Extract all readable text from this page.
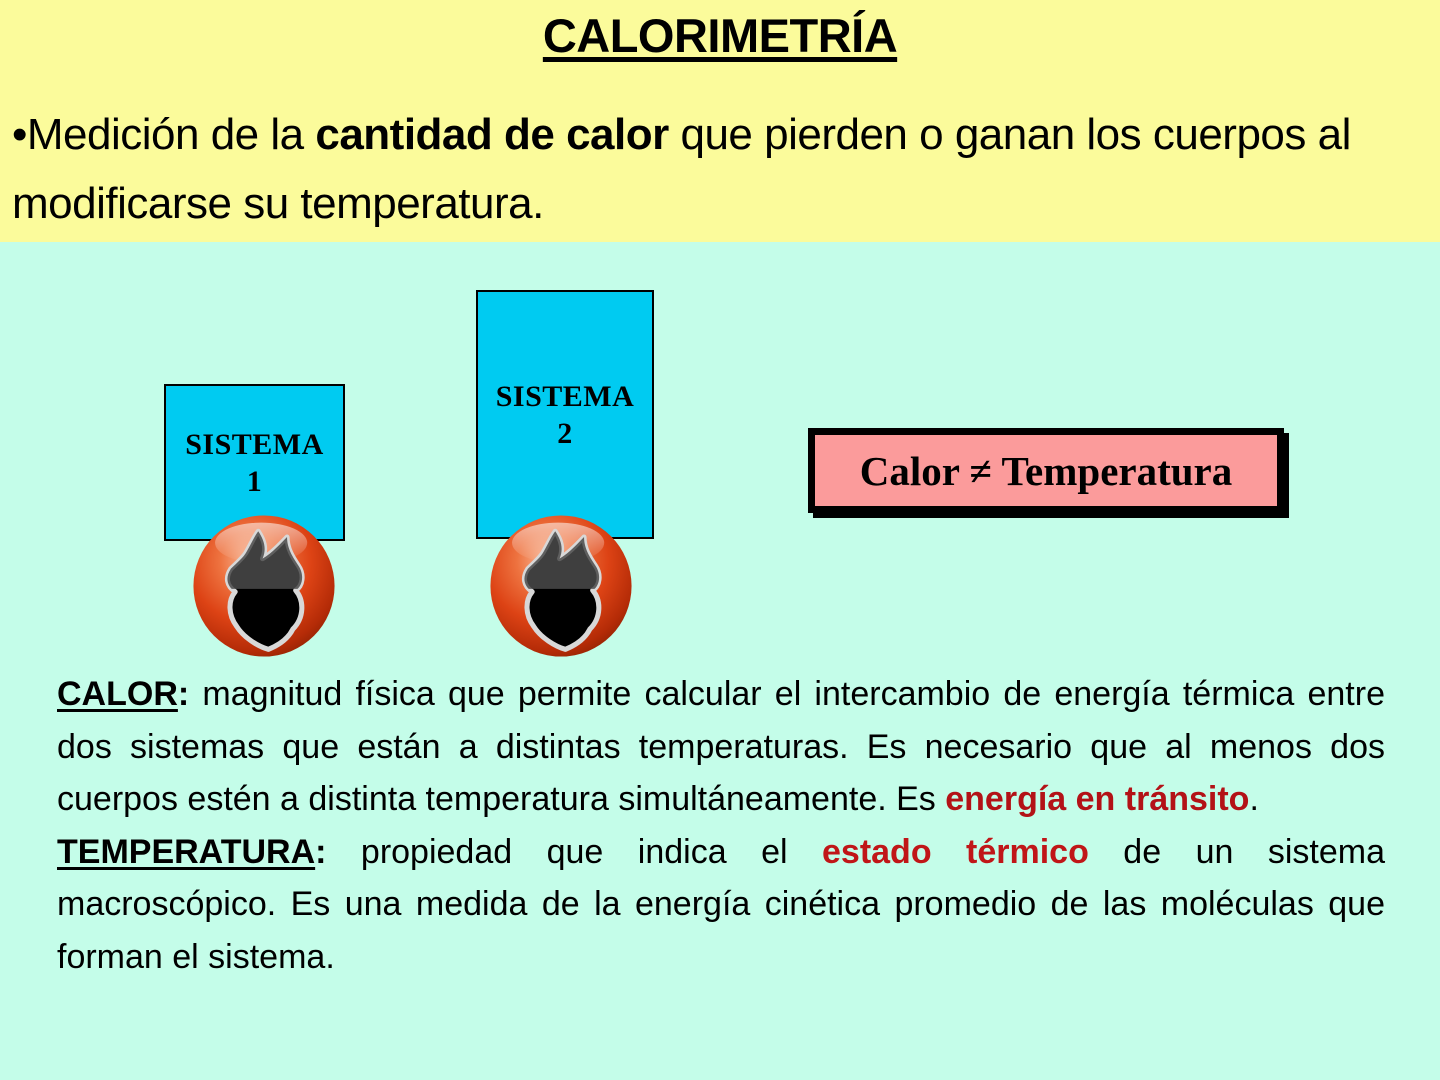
CALORIMETRÍA
•Medición de la cantidad de calor que pierden o ganan los cuerpos al modificarse su temperatura.
SISTEMA
1
SISTEMA
2
Calor ≠ Temperatura

CALOR: magnitud física que permite calcular el intercambio de energía térmica entre dos sistemas que están a distintas temperaturas. Es necesario que al menos dos cuerpos estén a distinta temperatura simultáneamente. Es energía en tránsito.

TEMPERATURA: propiedad que indica el estado térmico de un sistema macroscópico. Es una medida de la energía cinética promedio de las moléculas que forman el sistema.
